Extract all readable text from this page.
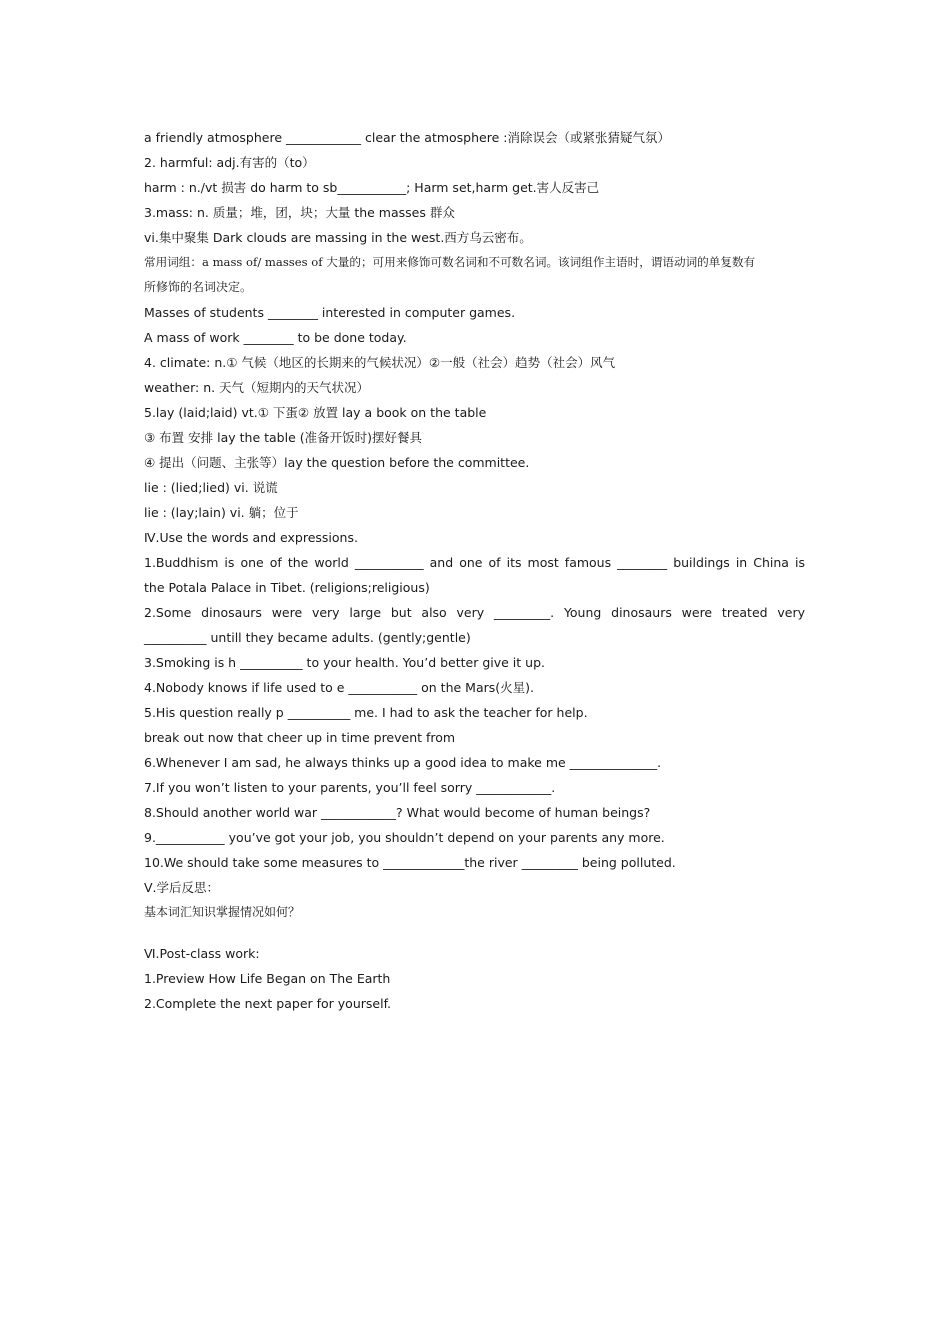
a friendly atmosphere ____________ clear the atmosphere :消除误会（或紧张猜疑气氛）
2. harmful: adj.有害的（to）
harm : n./vt 损害 do harm to sb___________; Harm set,harm get.害人反害己
3.mass: n. 质量；堆，团，块；大量 the masses 群众
vi.集中聚集 Dark clouds are massing in the west.西方乌云密布。
常用词组：a mass of/ masses of 大量的；可用来修饰可数名词和不可数名词。该词组作主语时，谓语动词的单复数有
所修饰的名词决定。
Masses of students ________ interested in computer games.
A mass of work ________ to be done today.
4. climate: n.① 气候（地区的长期来的气候状况）②一般（社会）趋势（社会）风气
weather: n. 天气（短期内的天气状况）
5.lay (laid;laid) vt.① 下蛋② 放置 lay a book on the table
③ 布置 安排 lay the table (准备开饭时)摆好餐具
④ 提出（问题、主张等）lay the question before the committee.
lie : (lied;lied) vi. 说谎
lie : (lay;lain) vi. 躺；位于
Ⅳ.Use the words and expressions.
1.Buddhism is one of the world ___________ and one of its most famous ________ buildings in China is
the Potala Palace in Tibet. (religions;religious)
2.Some dinosaurs were very large but also very _________. Young dinosaurs were treated very
__________ untill they became adults. (gently;gentle)
3.Smoking is h __________ to your health. You’d better give it up.
4.Nobody knows if life used to e ___________ on the Mars(火星).
5.His question really p __________ me. I had to ask the teacher for help.
break out now that cheer up in time prevent from
6.Whenever I am sad, he always thinks up a good idea to make me ______________.
7.If you won’t listen to your parents, you’ll feel sorry ____________.
8.Should another world war ____________? What would become of human beings?
9.___________ you’ve got your job, you shouldn’t depend on your parents any more.
10.We should take some measures to _____________the river _________ being polluted.
Ⅴ.学后反思：
基本词汇知识掌握情况如何？
Ⅵ.Post-class work:
1.Preview How Life Began on The Earth
2.Complete the next paper for yourself.
